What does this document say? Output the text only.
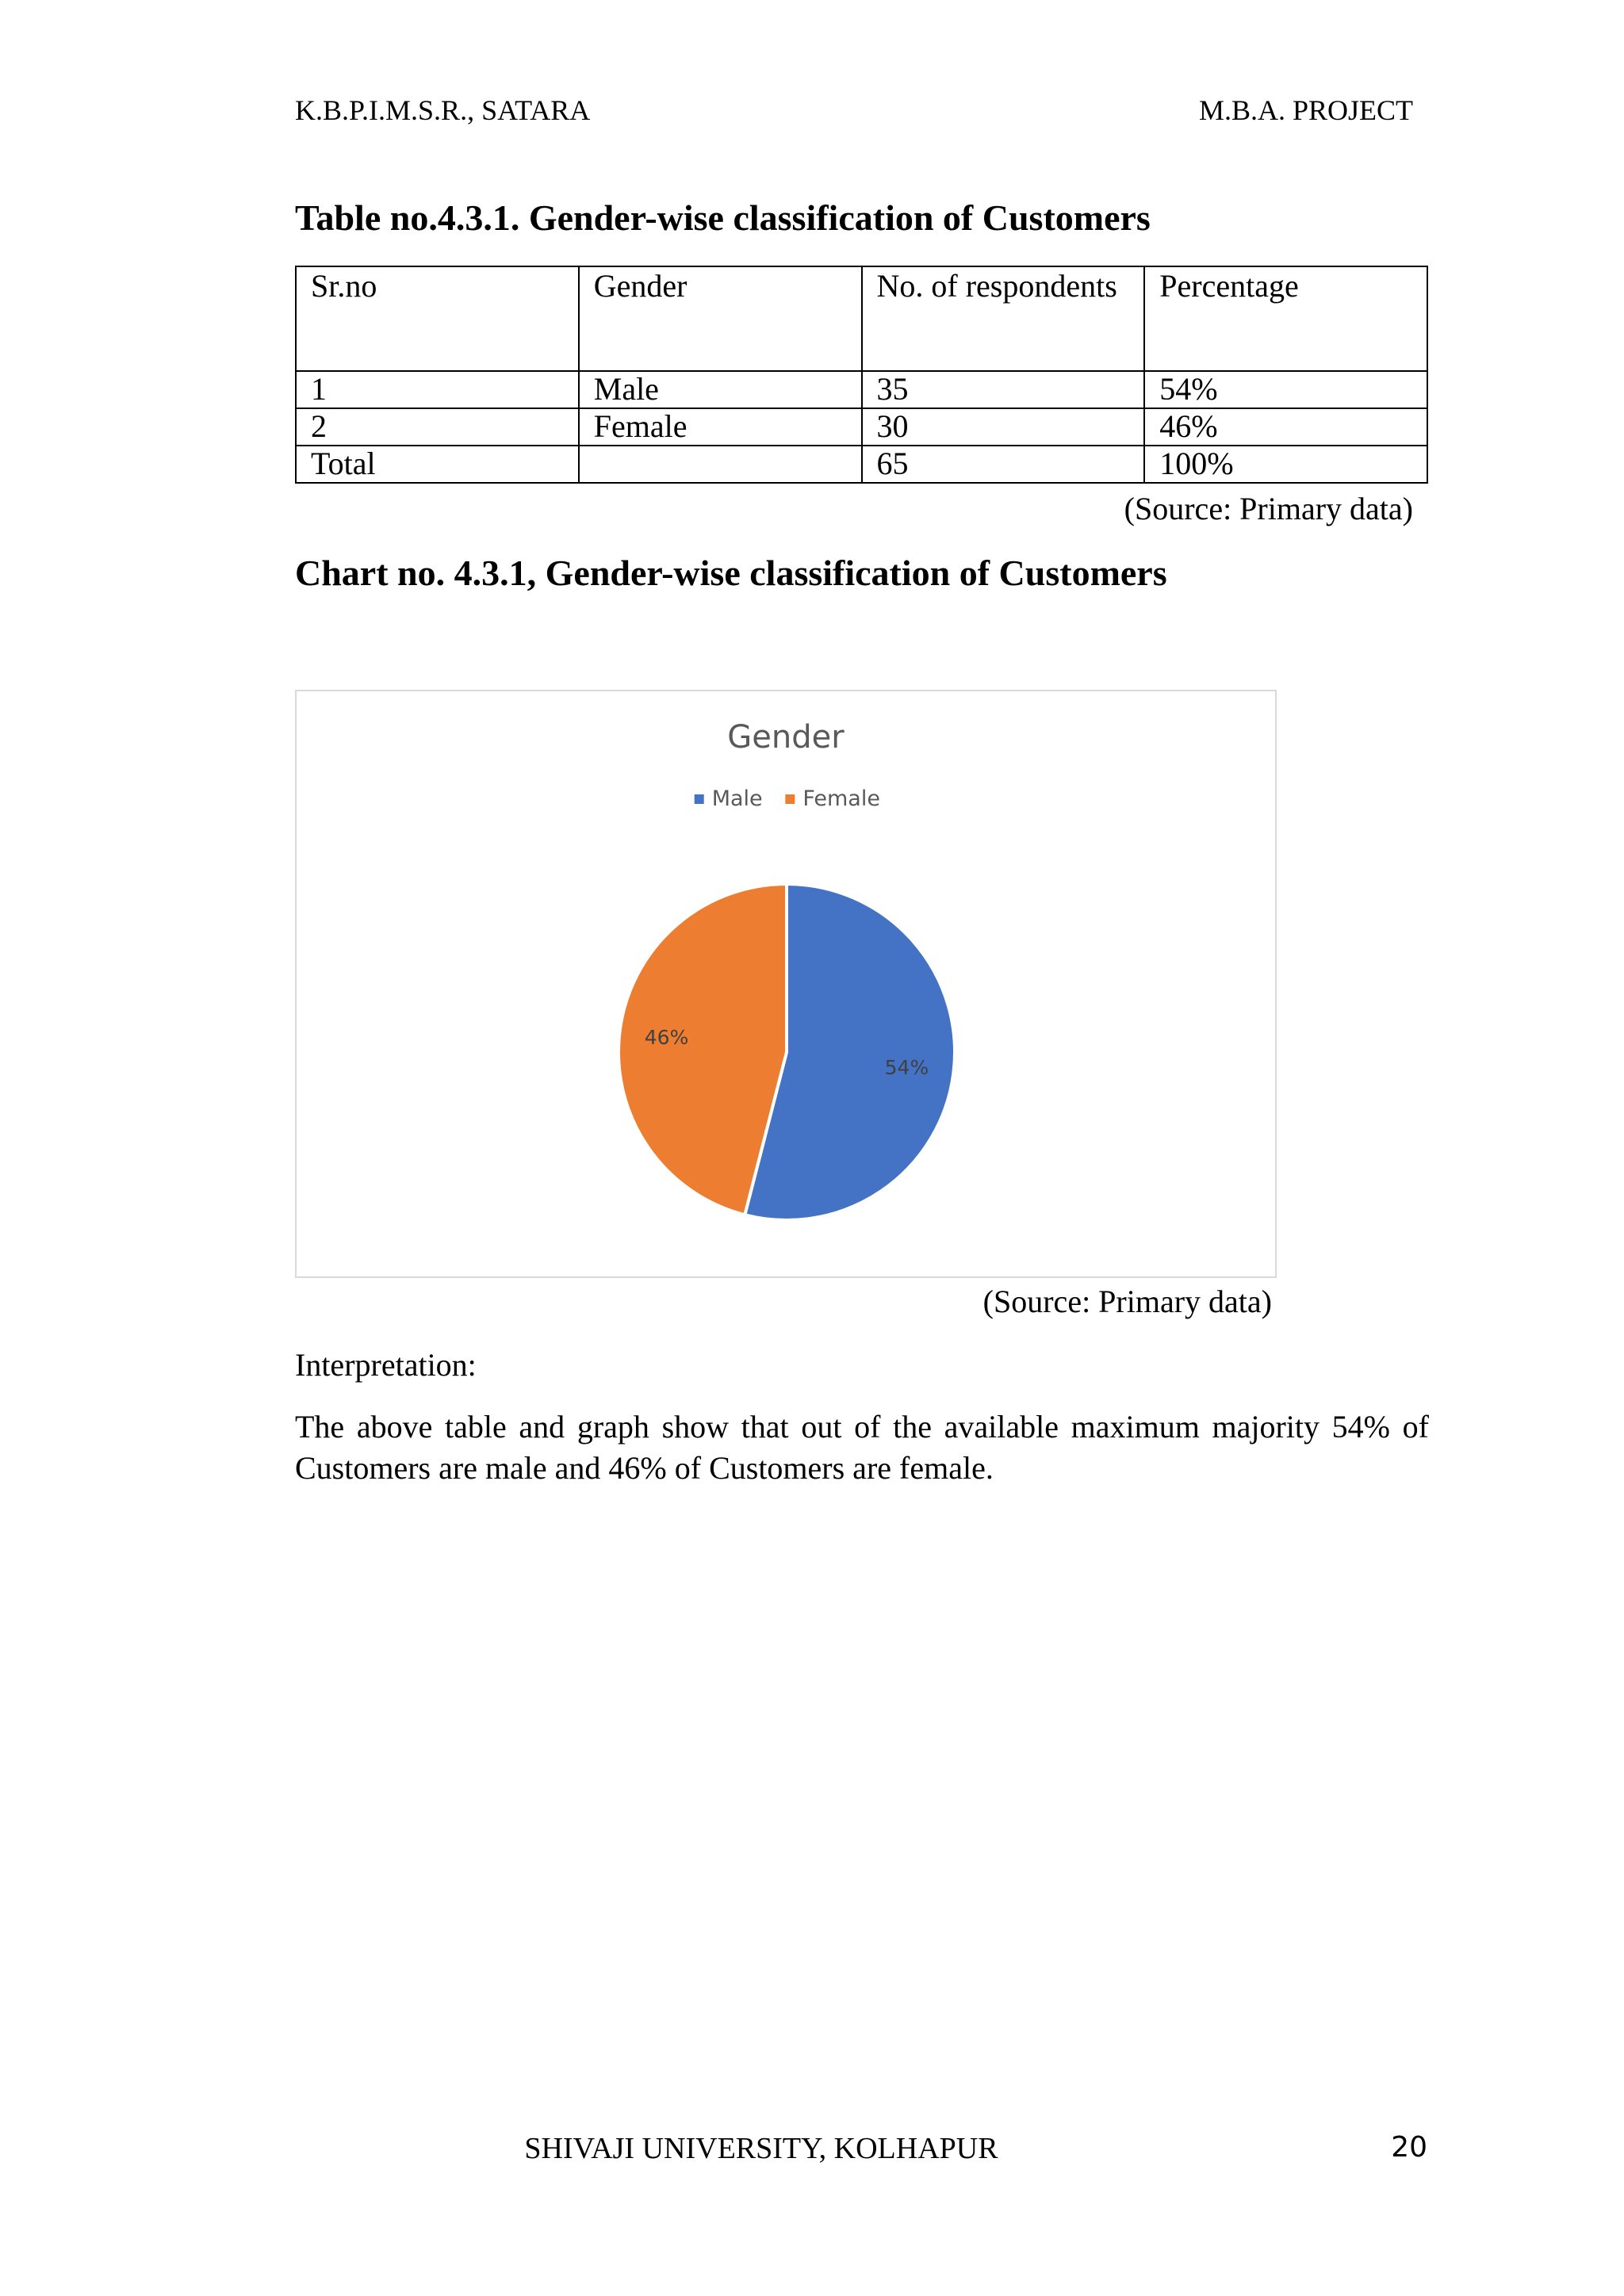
K.B.P.I.M.S.R., SATARA	M.B.A. PROJECT
Table no.4.3.1. Gender-wise classification of Customers
Sr.no	Gender	No. of respondents	Percentage
1	Male	35	54%
2	Female	30	46%
Total		65	100%
(Source: Primary data)
Chart no. 4.3.1, Gender-wise classification of Customers
Gender
Male Female
54%
46%
(Source: Primary data)
Interpretation:
The above table and graph show that out of the available maximum majority 54% of Customers are male and 46% of Customers are female.
SHIVAJI UNIVERSITY, KOLHAPUR	20
